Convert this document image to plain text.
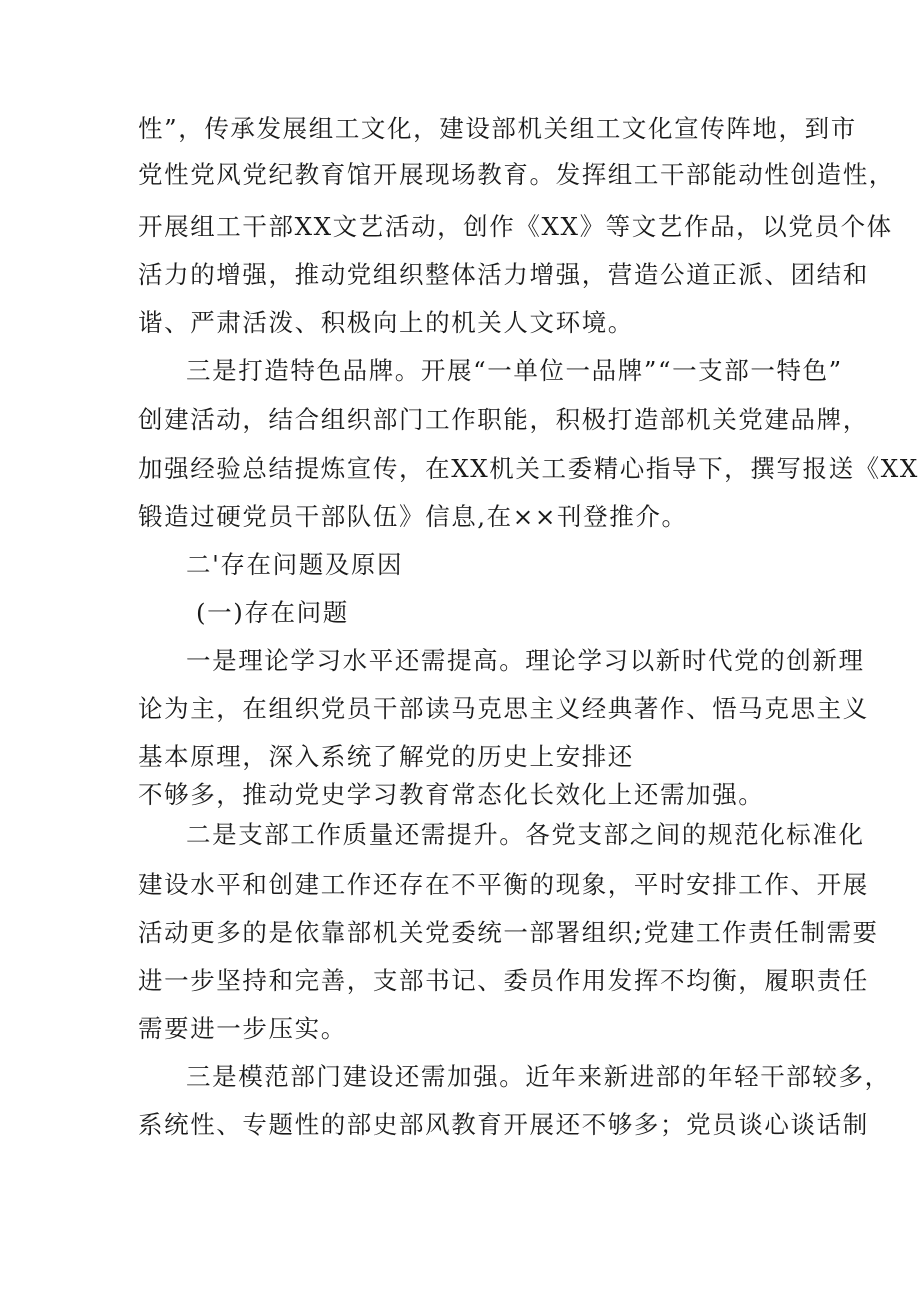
性”，传承发展组工文化，建设部机关组工文化宣传阵地，到市
党性党风党纪教育馆开展现场教育。发挥组工干部能动性创造性，
开展组工干部XX文艺活动，创作《XX》等文艺作品，以党员个体
活力的增强，推动党组织整体活力增强，营造公道正派、团结和
谐、严肃活泼、积极向上的机关人文环境。
三是打造特色品牌。开展“一单位一品牌”“一支部一特色”
创建活动，结合组织部门工作职能，积极打造部机关党建品牌，
加强经验总结提炼宣传，在XX机关工委精心指导下，撰写报送《XX
锻造过硬党员干部队伍》信息,在××刊登推介。
二'存在问题及原因
(一)存在问题
一是理论学习水平还需提高。理论学习以新时代党的创新理
论为主，在组织党员干部读马克思主义经典著作、悟马克思主义
基本原理，深入系统了解党的历史上安排还
不够多，推动党史学习教育常态化长效化上还需加强。
二是支部工作质量还需提升。各党支部之间的规范化标准化
建设水平和创建工作还存在不平衡的现象，平时安排工作、开展
活动更多的是依靠部机关党委统一部署组织;党建工作责任制需要
进一步坚持和完善，支部书记、委员作用发挥不均衡，履职责任
需要进一步压实。
三是模范部门建设还需加强。近年来新进部的年轻干部较多，
系统性、专题性的部史部风教育开展还不够多；党员谈心谈话制
